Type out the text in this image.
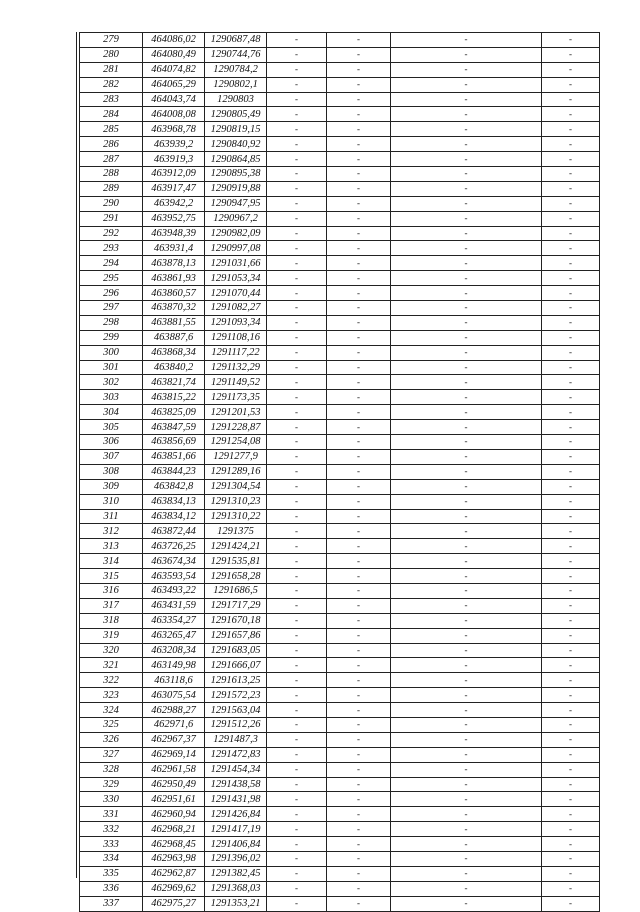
279	464086,02	1290687,48	-	-	-	-
280	464080,49	1290744,76	-	-	-	-
281	464074,82	1290784,2	-	-	-	-
282	464065,29	1290802,1	-	-	-	-
283	464043,74	1290803	-	-	-	-
284	464008,08	1290805,49	-	-	-	-
285	463968,78	1290819,15	-	-	-	-
286	463939,2	1290840,92	-	-	-	-
287	463919,3	1290864,85	-	-	-	-
288	463912,09	1290895,38	-	-	-	-
289	463917,47	1290919,88	-	-	-	-
290	463942,2	1290947,95	-	-	-	-
291	463952,75	1290967,2	-	-	-	-
292	463948,39	1290982,09	-	-	-	-
293	463931,4	1290997,08	-	-	-	-
294	463878,13	1291031,66	-	-	-	-
295	463861,93	1291053,34	-	-	-	-
296	463860,57	1291070,44	-	-	-	-
297	463870,32	1291082,27	-	-	-	-
298	463881,55	1291093,34	-	-	-	-
299	463887,6	1291108,16	-	-	-	-
300	463868,34	1291117,22	-	-	-	-
301	463840,2	1291132,29	-	-	-	-
302	463821,74	1291149,52	-	-	-	-
303	463815,22	1291173,35	-	-	-	-
304	463825,09	1291201,53	-	-	-	-
305	463847,59	1291228,87	-	-	-	-
306	463856,69	1291254,08	-	-	-	-
307	463851,66	1291277,9	-	-	-	-
308	463844,23	1291289,16	-	-	-	-
309	463842,8	1291304,54	-	-	-	-
310	463834,13	1291310,23	-	-	-	-
311	463834,12	1291310,22	-	-	-	-
312	463872,44	1291375	-	-	-	-
313	463726,25	1291424,21	-	-	-	-
314	463674,34	1291535,81	-	-	-	-
315	463593,54	1291658,28	-	-	-	-
316	463493,22	1291686,5	-	-	-	-
317	463431,59	1291717,29	-	-	-	-
318	463354,27	1291670,18	-	-	-	-
319	463265,47	1291657,86	-	-	-	-
320	463208,34	1291683,05	-	-	-	-
321	463149,98	1291666,07	-	-	-	-
322	463118,6	1291613,25	-	-	-	-
323	463075,54	1291572,23	-	-	-	-
324	462988,27	1291563,04	-	-	-	-
325	462971,6	1291512,26	-	-	-	-
326	462967,37	1291487,3	-	-	-	-
327	462969,14	1291472,83	-	-	-	-
328	462961,58	1291454,34	-	-	-	-
329	462950,49	1291438,58	-	-	-	-
330	462951,61	1291431,98	-	-	-	-
331	462960,94	1291426,84	-	-	-	-
332	462968,21	1291417,19	-	-	-	-
333	462968,45	1291406,84	-	-	-	-
334	462963,98	1291396,02	-	-	-	-
335	462962,87	1291382,45	-	-	-	-
336	462969,62	1291368,03	-	-	-	-
337	462975,27	1291353,21	-	-	-	-
